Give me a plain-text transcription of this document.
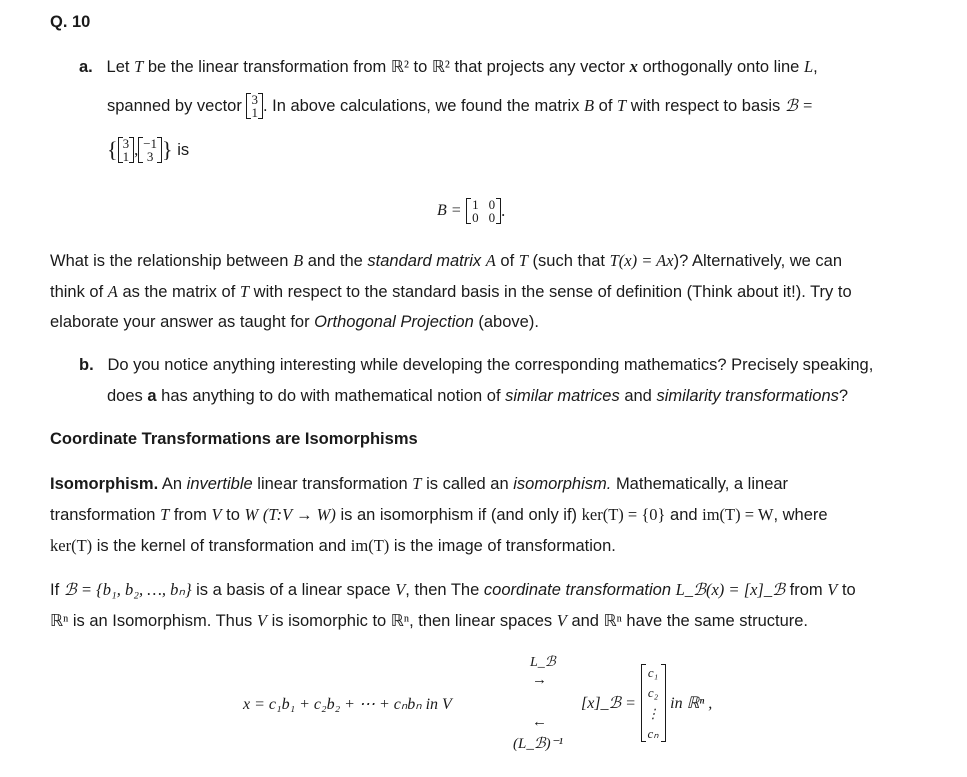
Q. 10
a. Let T be the linear transformation from ℝ² to ℝ² that projects any vector x orthogonally onto line L,
spanned by vector
3
1 . In above calculations, we found the matrix
B
of
T
with respect to basis
ℬ =
{ 3
1 , −1
3 }
is
B =
1 0
0 0 .
What is the relationship between B and the standard matrix A of T (such that T(x) = Ax)? Alternatively, we can
think of A as the matrix of T with respect to the standard basis in the sense of definition (Think about it!). Try to
elaborate your answer as taught for Orthogonal Projection (above).
b. Do you notice anything interesting while developing the corresponding mathematics? Precisely speaking,
does a has anything to do with mathematical notion of similar matrices and similarity transformations?
Coordinate Transformations are Isomorphisms
Isomorphism. An invertible linear transformation T is called an isomorphism. Mathematically, a linear
transformation T from V to W (T:V → W) is an isomorphism if (and only if) ker(T) = {0} and im(T) = W, where
ker(T) is the kernel of transformation and im(T) is the image of transformation.
If ℬ = {b₁, b₂, …, bₙ} is a basis of a linear space V, then The coordinate transformation L_ℬ(x) = [x]_ℬ from V to
ℝⁿ is an Isomorphism. Thus V is isomorphic to ℝⁿ, then linear spaces V and ℝⁿ have the same structure.
x = c₁b₁ + c₂b₂ + ⋯ + cₙbₙ in V
L_ℬ
→
←
(L_ℬ)⁻¹
[x]_ℬ =

c₁
c₂
⋮
cₙ

in ℝⁿ ,
